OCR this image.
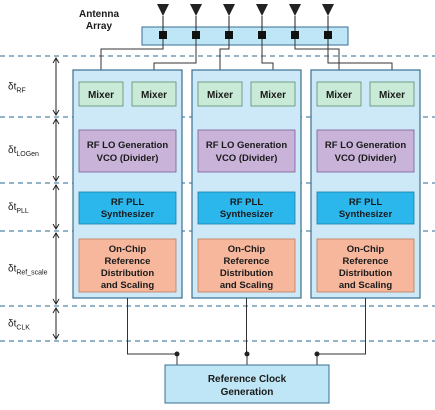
Antenna
Array
$\delta t_{RF}$
$\delta t_{LOGen}$
$\delta t_{PLL}$
$\delta t_{Ref\_scale}$
$\delta t_{CLK}$
Mixer	Mixer
RF LO Generation
VCO (Divider)
RF PLL
Synthesizer
On-Chip
Reference
Distribution
and Scaling
Mixer	Mixer
RF LO Generation
VCO (Divider)
RF PLL
Synthesizer
On-Chip
Reference
Distribution
and Scaling
Mixer	Mixer
RF LO Generation
VCO (Divider)
RF PLL
Synthesizer
On-Chip
Reference
Distribution
and Scaling
Reference Clock
Generation
